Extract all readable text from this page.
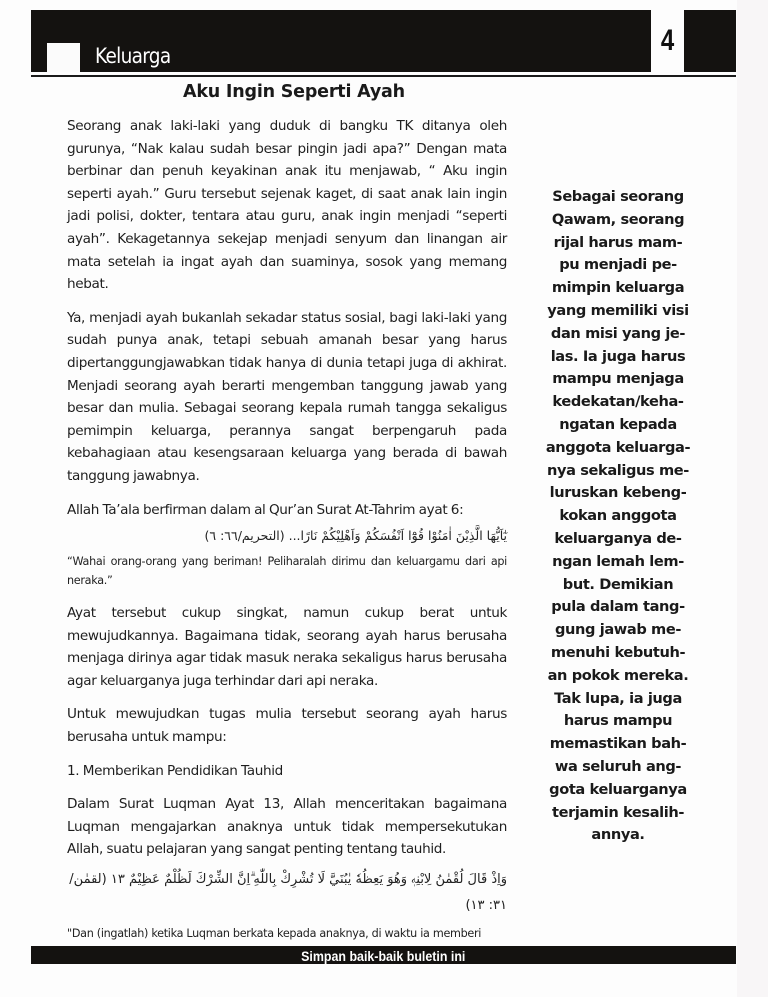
Keluarga	4
Aku Ingin Seperti Ayah

Seorang anak laki-laki yang duduk di bangku TK ditanya oleh gurunya, “Nak kalau sudah besar pingin jadi apa?” Dengan mata berbinar dan penuh keyakinan anak itu menjawab, “ Aku ingin seperti ayah.” Guru tersebut sejenak kaget, di saat anak lain ingin jadi polisi, dokter, tentara atau guru, anak ingin menjadi “seperti ayah”. Kekagetannya sekejap menjadi senyum dan linangan air mata setelah ia ingat ayah dan suaminya, sosok yang memang hebat.

Ya, menjadi ayah bukanlah sekadar status sosial, bagi laki-laki yang sudah punya anak, tetapi sebuah amanah besar yang harus dipertanggungjawabkan tidak hanya di dunia tetapi juga di akhirat. Menjadi seorang ayah berarti mengemban tanggung jawab yang besar dan mulia. Sebagai seorang kepala rumah tangga sekaligus pemimpin keluarga, perannya sangat berpengaruh pada kebahagiaan atau kesengsaraan keluarga yang berada di bawah tanggung jawabnya.

Allah Ta’ala berfirman dalam al Qur’an Surat At-Tahrim ayat 6:

يٰٓاَيُّهَا الَّذِيْنَ اٰمَنُوْا قُوْٓا اَنْفُسَكُمْ وَاَهْلِيْكُمْ نَارًا... (التحريم/٦٦: ٦)

“Wahai orang-orang yang beriman! Peliharalah dirimu dan keluargamu dari api neraka.”

Ayat tersebut cukup singkat, namun cukup berat untuk mewujudkannya. Bagaimana tidak, seorang ayah harus berusaha menjaga dirinya agar tidak masuk neraka sekaligus harus berusaha agar keluarganya juga terhindar dari api neraka.

Untuk mewujudkan tugas mulia tersebut seorang ayah harus berusaha untuk mampu:

1. Memberikan Pendidikan Tauhid

Dalam Surat Luqman Ayat 13, Allah menceritakan bagaimana Luqman mengajarkan anaknya untuk tidak mempersekutukan Allah, suatu pelajaran yang sangat penting tentang tauhid.

وَاِذْ قَالَ لُقْمٰنُ لِابْنِهٖ وَهُوَ يَعِظُهٗ يٰبُنَيَّ لَا تُشْرِكْ بِاللّٰهِ ۗاِنَّ الشِّرْكَ لَظُلْمٌ عَظِيْمٌ ١٣ (لقمٰن/٣١: ١٣)

"Dan (ingatlah) ketika Luqman berkata kepada anaknya, di waktu ia memberi

Sebagai seorang
Qawam, seorang
rijal harus mam-
pu menjadi pe-
mimpin keluarga
yang memiliki visi
dan misi yang je-
las. Ia juga harus
mampu menjaga
kedekatan/keha-
ngatan kepada
anggota keluarga-
nya sekaligus me-
luruskan kebeng-
kokan anggota
keluarganya de-
ngan lemah lem-
but. Demikian
pula dalam tang-
gung jawab me-
menuhi kebutuh-
an pokok mereka.
Tak lupa, ia juga
harus mampu
memastikan bah-
wa seluruh ang-
gota keluarganya
terjamin kesalih-
annya.
Simpan baik-baik buletin ini
